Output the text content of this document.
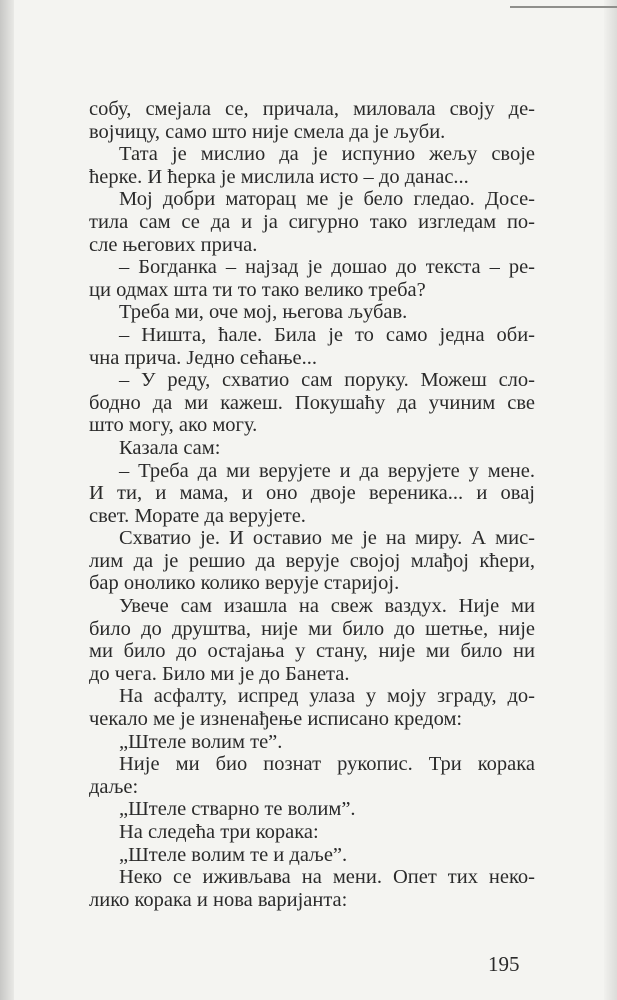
собу, смејала се, причала, миловала своју де-
војчицу, само што није смела да је љуби.
Тата је мислио да је испунио жељу своје
ћерке. И ћерка је мислила исто – до данас...
Мој добри маторац ме је бело гледао. Досе-
тила сам се да и ја сигурно тако изгледам по-
сле његових прича.
– Богданка – најзад је дошао до текста – ре-
ци одмах шта ти то тако велико треба?
Треба ми, оче мој, његова љубав.
– Ништа, ћале. Била је то само једна оби-
чна прича. Једно сећање...
– У реду, схватио сам поруку. Можеш сло-
бодно да ми кажеш. Покушаћу да учиним све
што могу, ако могу.
Казала сам:
– Треба да ми верујете и да верујете у мене.
И ти, и мама, и оно двоје вереника... и овај
свет. Морате да верујете.
Схватио је. И оставио ме је на миру. А мис-
лим да је решио да верује својој млађој кћери,
бар онолико колико верује старијој.
Увече сам изашла на свеж ваздух. Није ми
било до друштва, није ми било до шетње, није
ми било до остајања у стану, није ми било ни
до чега. Било ми је до Банета.
На асфалту, испред улаза у моју зграду, до-
чекало ме је изненађење исписано кредом:
„Штеле волим те”.
Није ми био познат рукопис. Три корака
даље:
„Штеле стварно те волим”.
На следећа три корака:
„Штеле волим те и даље”.
Неко се иживљава на мени. Опет тих неко-
лико корака и нова варијанта:
195
